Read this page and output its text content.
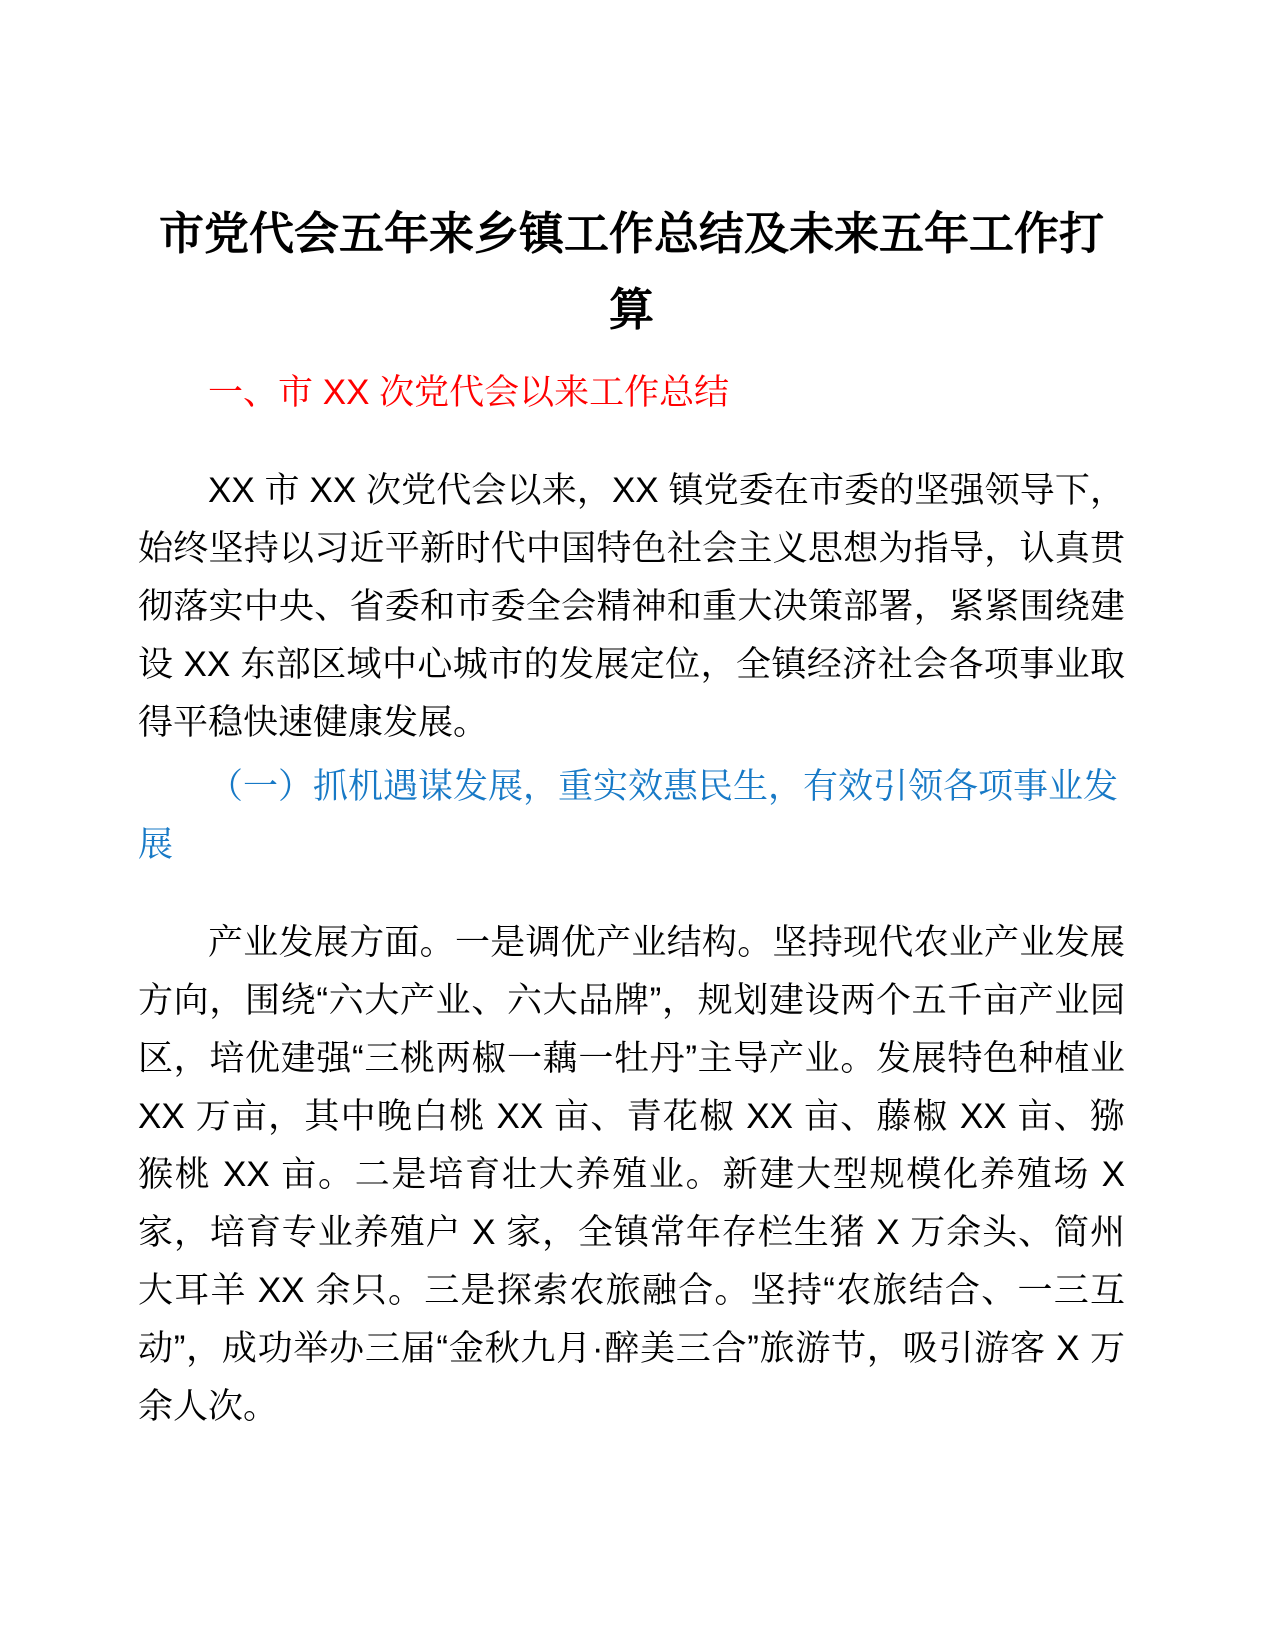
市党代会五年来乡镇工作总结及未来五年工作打算
一、市 XX 次党代会以来工作总结

XX 市 XX 次党代会以来，XX 镇党委在市委的坚强领导下，始终坚持以习近平新时代中国特色社会主义思想为指导，认真贯彻落实中央、省委和市委全会精神和重大决策部署，紧紧围绕建设 XX 东部区域中心城市的发展定位，全镇经济社会各项事业取得平稳快速健康发展。

（一）抓机遇谋发展，重实效惠民生，有效引领各项事业发展

产业发展方面。一是调优产业结构。坚持现代农业产业发展方向，围绕“六大产业、六大品牌”，规划建设两个五千亩产业园区，培优建强“三桃两椒一藕一牡丹”主导产业。发展特色种植业 XX 万亩，其中晚白桃 XX 亩、青花椒 XX 亩、藤椒 XX 亩、猕猴桃 XX 亩。二是培育壮大养殖业。新建大型规模化养殖场 X 家，培育专业养殖户 X 家，全镇常年存栏生猪 X 万余头、简州大耳羊 XX 余只。三是探索农旅融合。坚持“农旅结合、一三互动”，成功举办三届“金秋九月·醉美三合”旅游节，吸引游客 X 万余人次。
